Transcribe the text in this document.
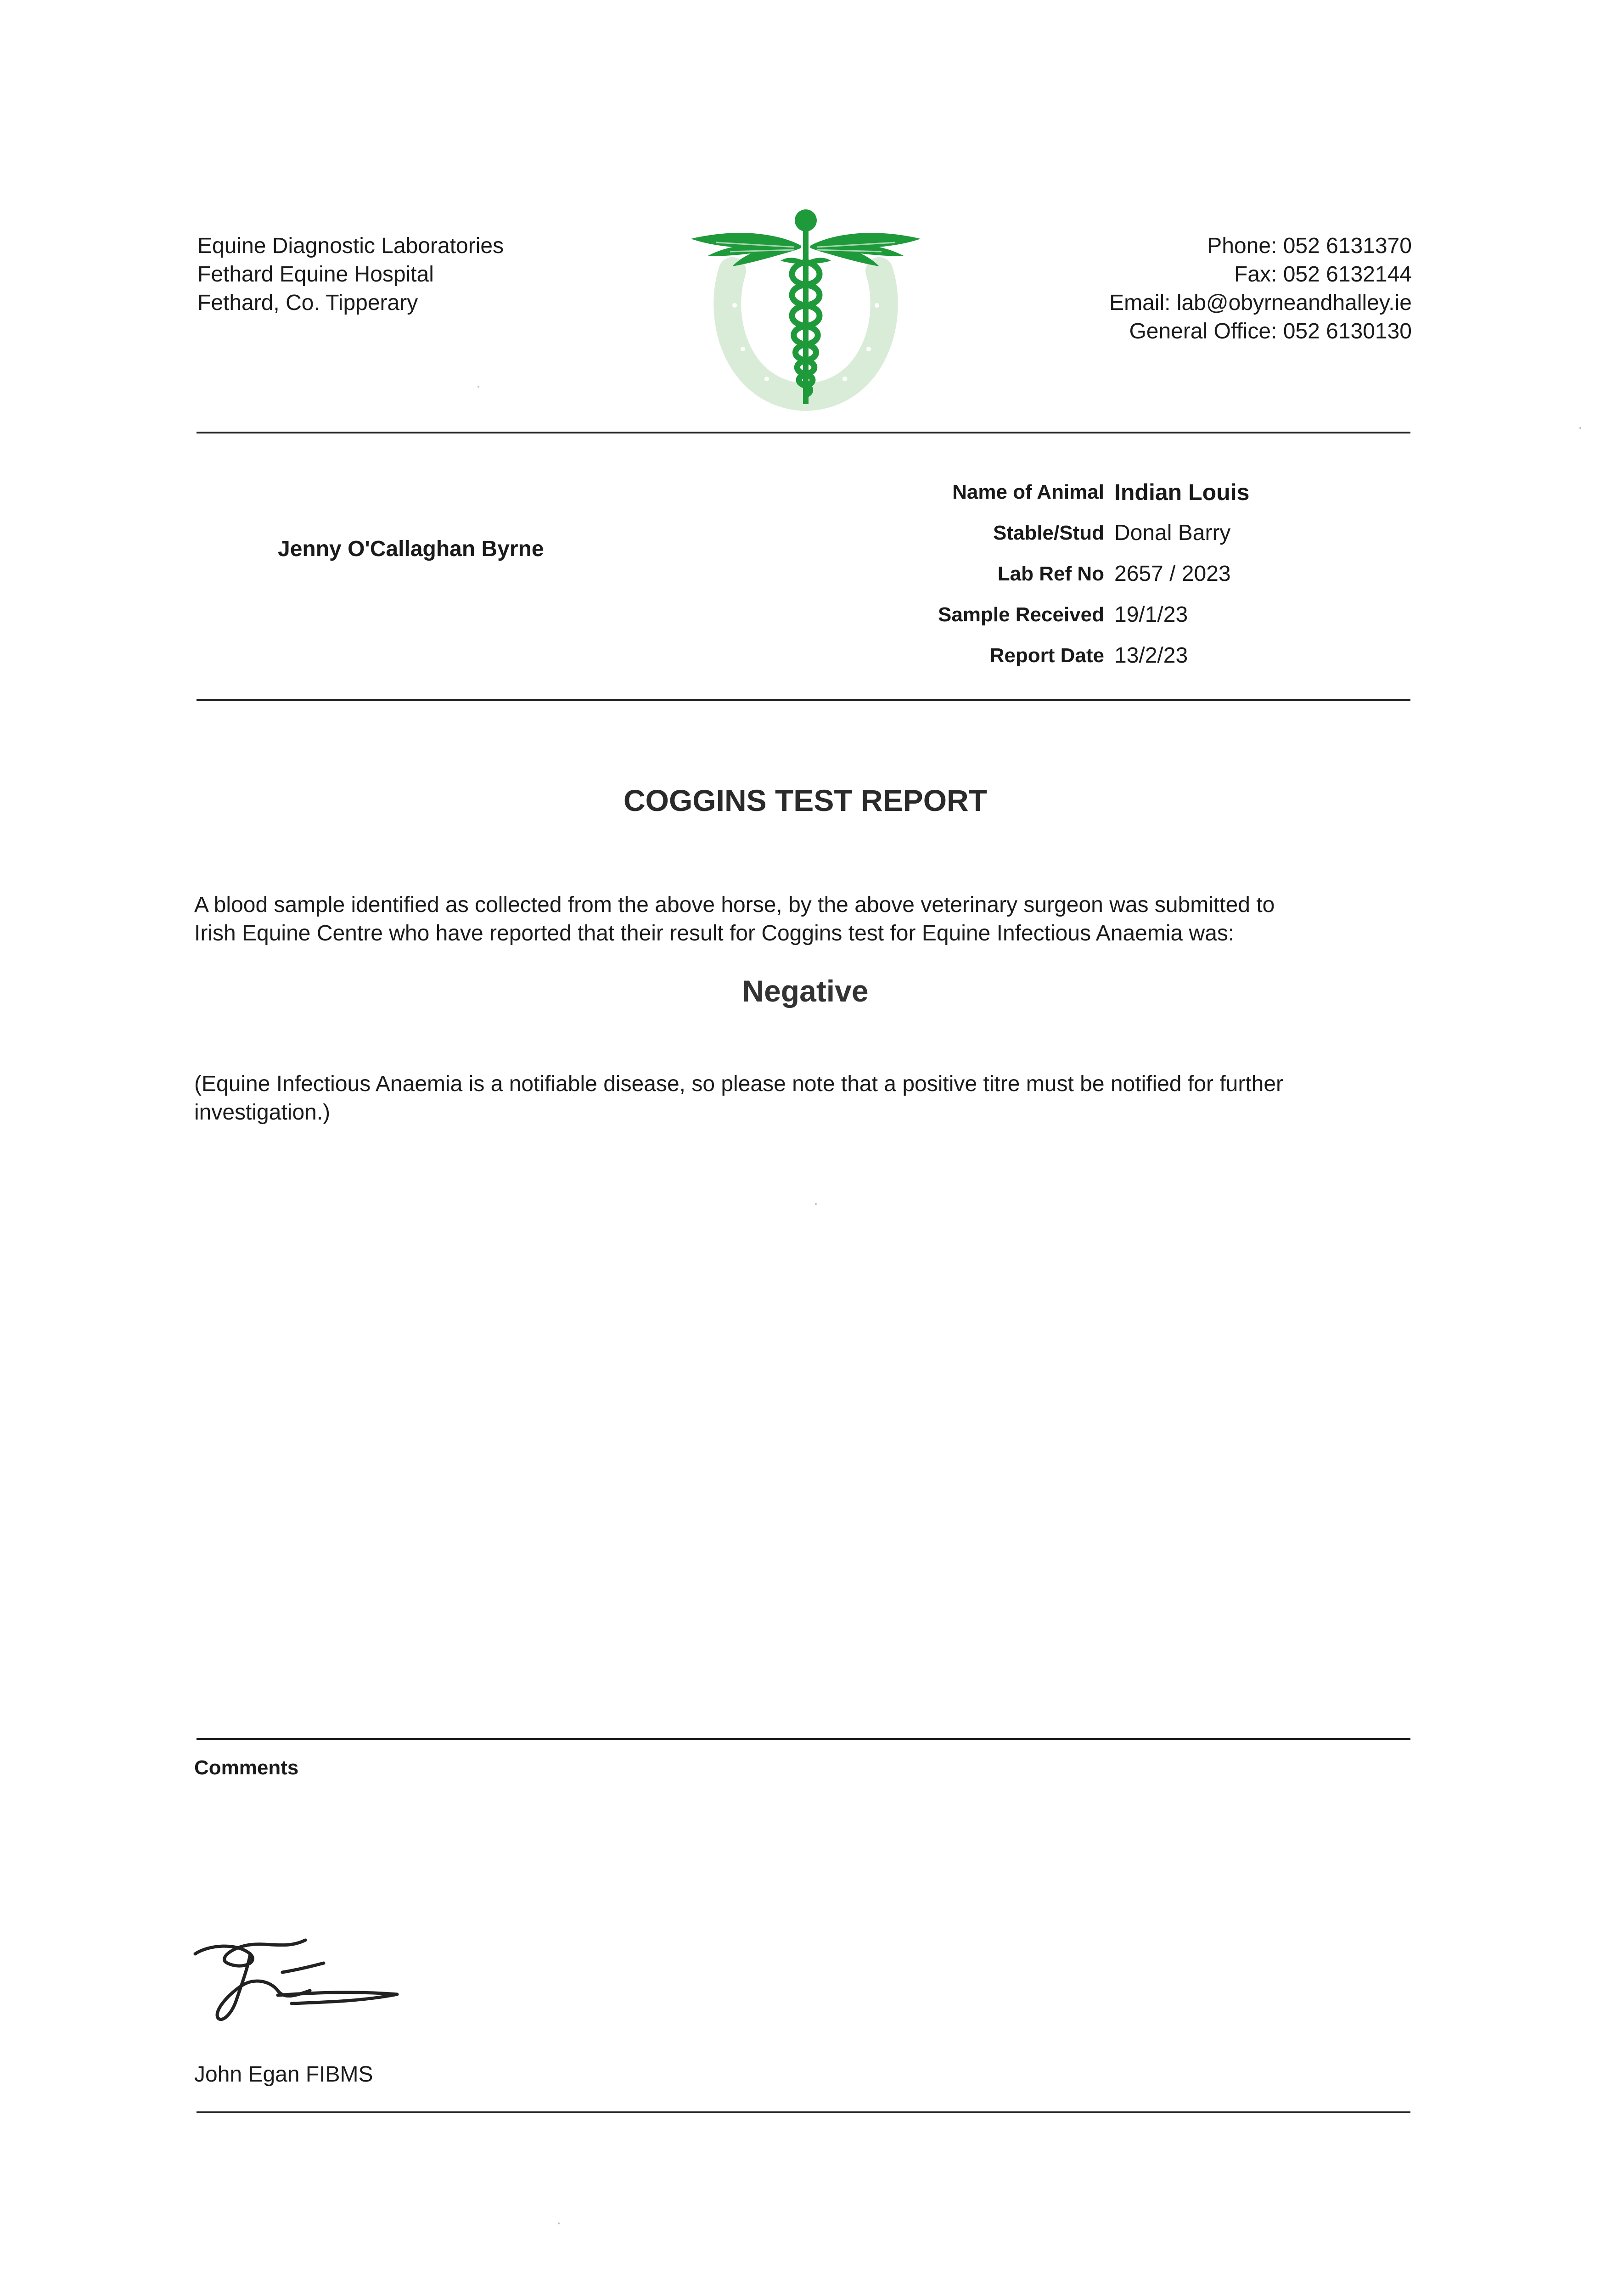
Equine Diagnostic Laboratories
Fethard Equine Hospital
Fethard, Co. Tipperary
Phone: 052 6131370
Fax: 052 6132144
Email: lab@obyrneandhalley.ie
General Office: 052 6130130
Jenny O'Callaghan Byrne
Name of Animal Indian Louis
Stable/Stud Donal Barry
Lab Ref No 2657 / 2023
Sample Received 19/1/23
Report Date 13/2/23
COGGINS TEST REPORT
A blood sample identified as collected from the above horse, by the above veterinary surgeon was submitted to
Irish Equine Centre who have reported that their result for Coggins test for Equine Infectious Anaemia was:
Negative
(Equine Infectious Anaemia is a notifiable disease, so please note that a positive titre must be notified for further
investigation.)
Comments
John Egan FIBMS
